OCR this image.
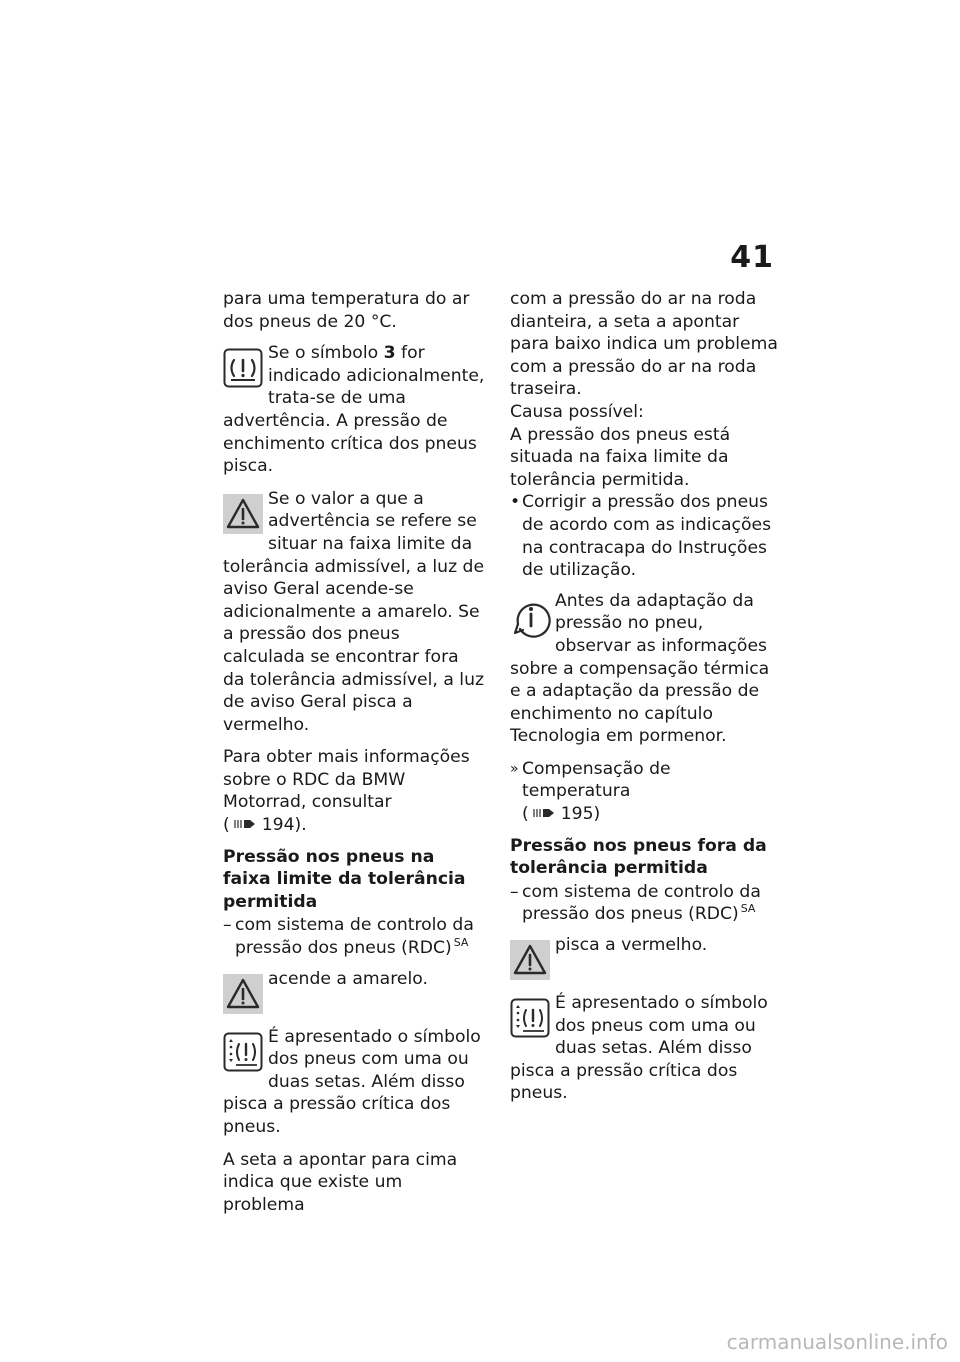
41

para uma temperatura do ar dos pneus de 20 °C.

Se o símbolo 3 for indicado adicionalmente, trata-se de uma advertência. A pressão de enchimento crítica dos pneus pisca.
Se o valor a que a advertência se refere se situar na faixa limite da tolerância admissível, a luz de aviso Geral acende-se adicionalmente a amarelo. Se a pressão dos pneus calculada se encontrar fora da tolerância admissível, a luz de aviso Geral pisca a vermelho.

Para obter mais informações sobre o RDC da BMW Motorrad, consultar
( 194).

Pressão nos pneus na faixa limite da tolerância permitida
– com sistema de controlo da pressão dos pneus (RDC) $^{SA}$
acende a amarelo.
É apresentado o símbolo dos pneus com uma ou duas setas. Além disso pisca a pressão crítica dos pneus.

A seta a apontar para cima indica que existe um problema

com a pressão do ar na roda dianteira, a seta a apontar para baixo indica um problema com a pressão do ar na roda traseira.

Causa possível:

A pressão dos pneus está situada na faixa limite da tolerância permitida.

• Corrigir a pressão dos pneus de acordo com as indicações na contracapa do Instruções de utilização.
Antes da adaptação da pressão no pneu, observar as informações sobre a compensação térmica e a adaptação da pressão de enchimento no capítulo Tecnologia em pormenor.
» Compensação de temperatura
( 195)
Pressão nos pneus fora da tolerância permitida
– com sistema de controlo da pressão dos pneus (RDC) $^{SA}$
pisca a vermelho.
É apresentado o símbolo dos pneus com uma ou duas setas. Além disso pisca a pressão crítica dos pneus.
carmanualsonline.info
